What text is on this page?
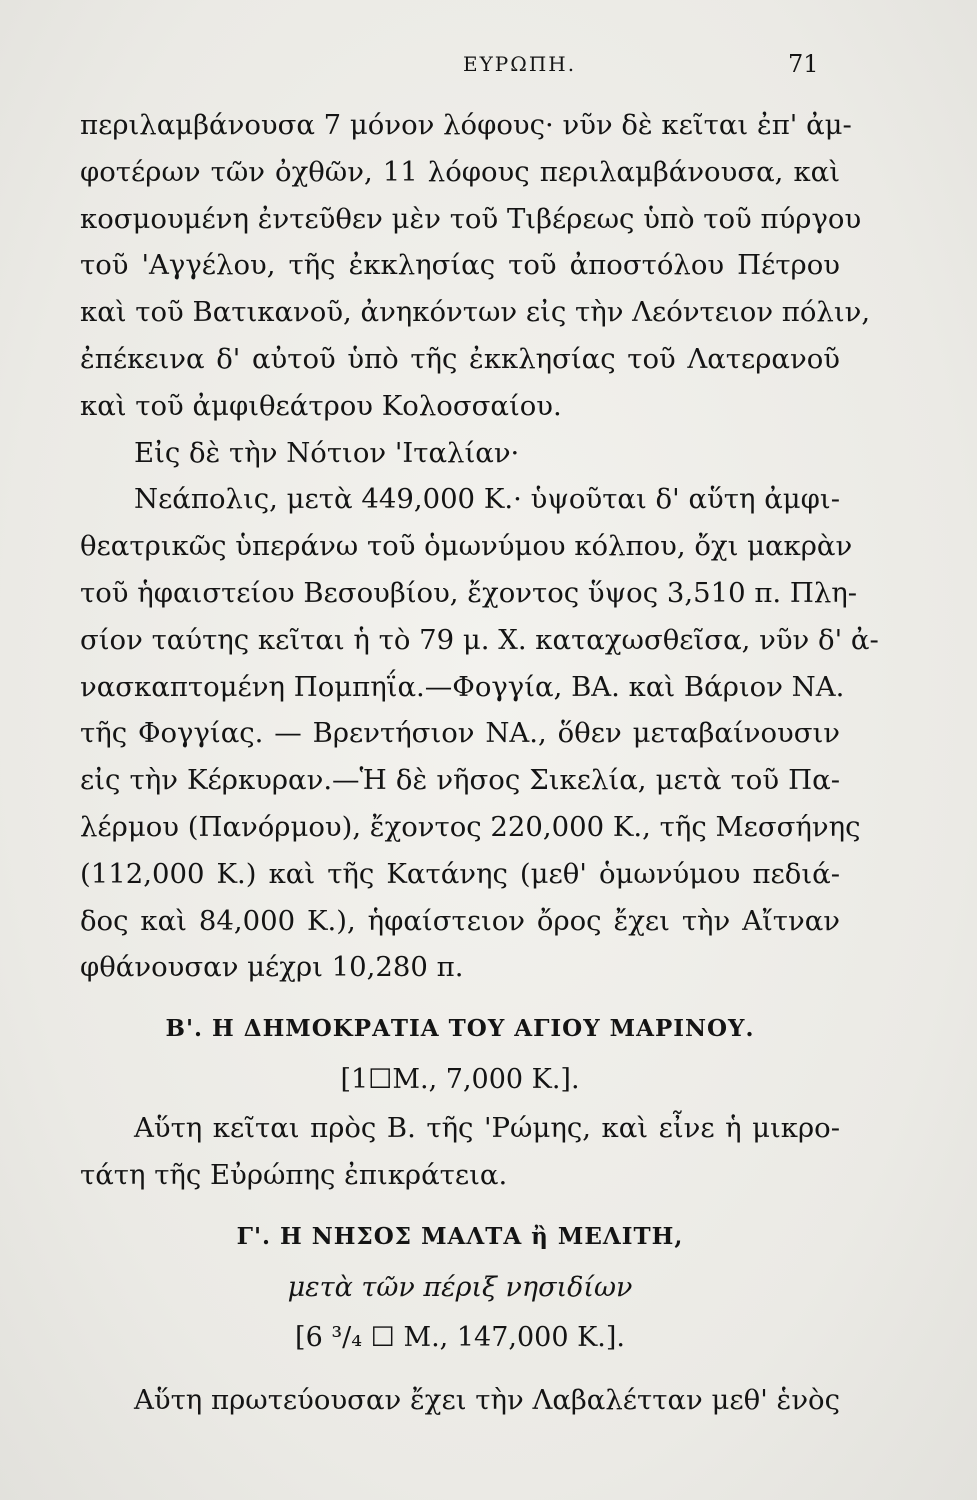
ΕΥΡΩΠΗ.	71
περιλαμβάνουσα 7 μόνον λόφους· νῦν δὲ κεῖται ἐπ' ἀμ-
φοτέρων τῶν ὀχθῶν, 11 λόφους περιλαμβάνουσα, καὶ
κοσμουμένη ἐντεῦθεν μὲν τοῦ Τιβέρεως ὑπὸ τοῦ πύργου
τοῦ 'Αγγέλου, τῆς ἐκκλησίας τοῦ ἀποστόλου Πέτρου
καὶ τοῦ Βατικανοῦ, ἀνηκόντων εἰς τὴν Λεόντειον πόλιν,
ἐπέκεινα δ' αὐτοῦ ὑπὸ τῆς ἐκκλησίας τοῦ Λατερανοῦ
καὶ τοῦ ἀμφιθεάτρου Κολοσσαίου.
Εἰς δὲ τὴν Νότιον 'Ιταλίαν·
Νεάπολις, μετὰ 449,000 Κ.· ὑψοῦται δ' αὕτη ἀμφι-
θεατρικῶς ὑπεράνω τοῦ ὁμωνύμου κόλπου, ὄχι μακρὰν
τοῦ ἡφαιστείου Βεσουβίου, ἔχοντος ὕψος 3,510 π. Πλη-
σίον ταύτης κεῖται ἡ τὸ 79 μ. Χ. καταχωσθεῖσα, νῦν δ' ἀ-
νασκαπτομένη Πομπηΐα.—Φογγία, ΒΑ. καὶ Βάριον ΝΑ.
τῆς Φογγίας. — Βρεντήσιον ΝΑ., ὅθεν μεταβαίνουσιν
εἰς τὴν Κέρκυραν.—Ἡ δὲ νῆσος Σικελία, μετὰ τοῦ Πα-
λέρμου (Πανόρμου), ἔχοντος 220,000 Κ., τῆς Μεσσήνης
(112,000 Κ.) καὶ τῆς Κατάνης (μεθ' ὁμωνύμου πεδιά-
δος καὶ 84,000 Κ.), ἡφαίστειον ὄρος ἔχει τὴν Αἴτναν
φθάνουσαν μέχρι 10,280 π.
Β'. Η ΔΗΜΟΚΡΑΤΙΑ ΤΟΥ ΑΓΙΟΥ ΜΑΡΙΝΟΥ.
[1☐Μ., 7,000 Κ.].
Αὕτη κεῖται πρὸς Β. τῆς 'Ρώμης, καὶ εἶνε ἡ μικρο-
τάτη τῆς Εὐρώπης ἐπικράτεια.
Γ'. Η ΝΗΣΟΣ ΜΑΛΤΑ ἢ ΜΕΛΙΤΗ,
μετὰ τῶν πέριξ νησιδίων
[6 ³/₄ ☐ Μ., 147,000 Κ.].
Αὕτη πρωτεύουσαν ἔχει τὴν Λαβαλέτταν μεθ' ἑνὸς
